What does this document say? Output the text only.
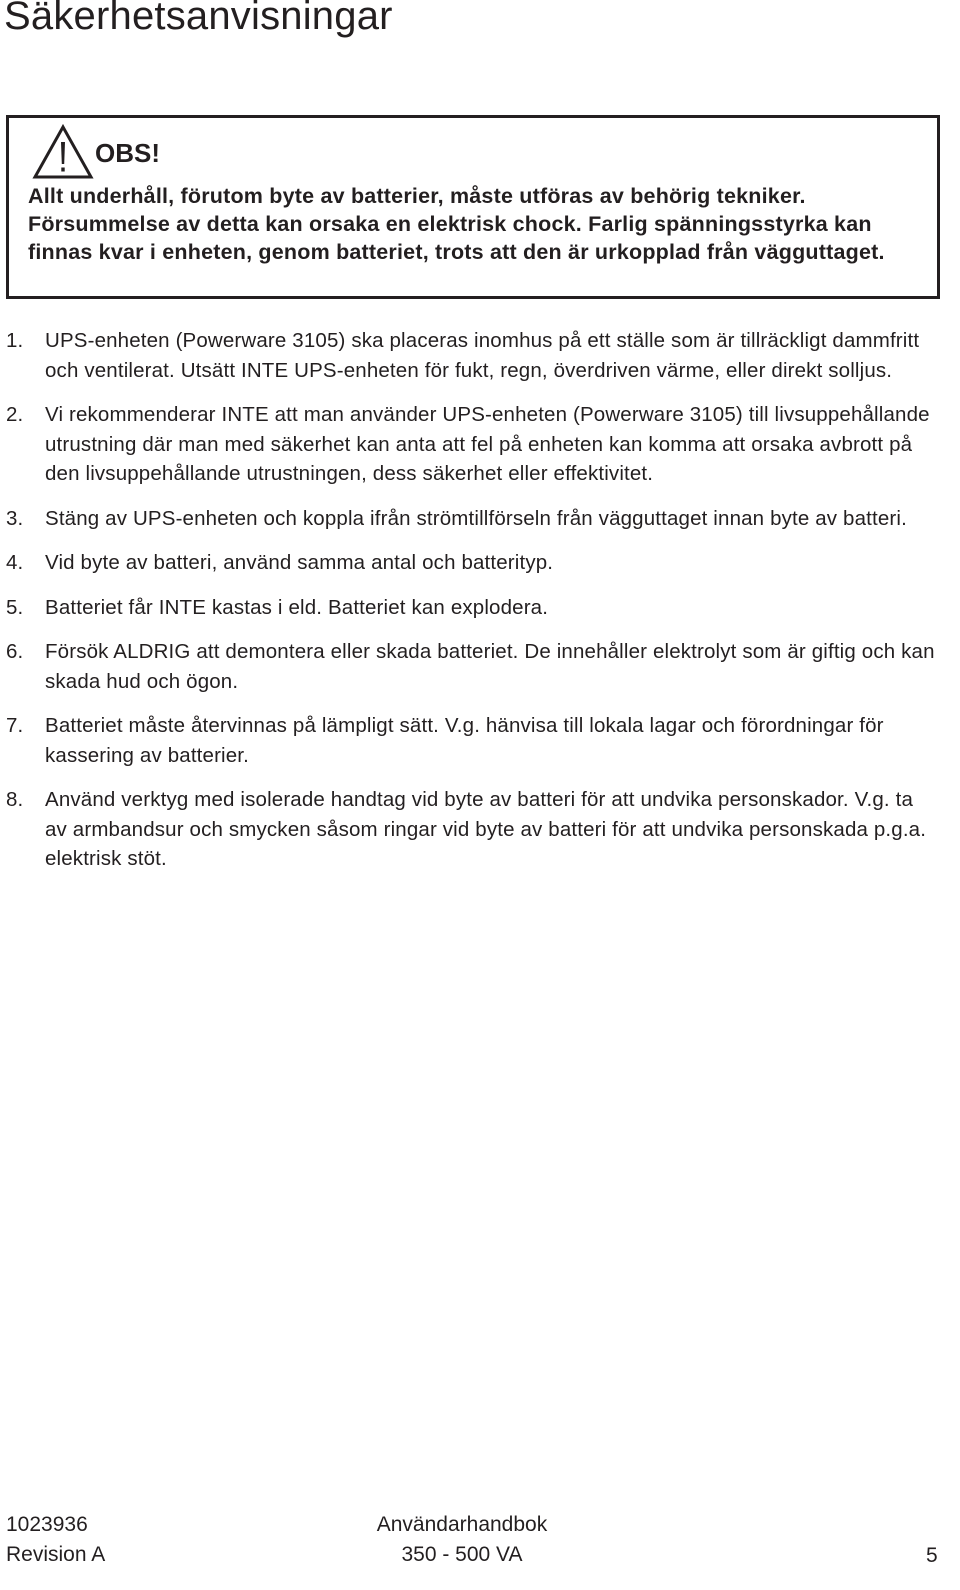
Säkerhetsanvisningar
OBS!

Allt underhåll, förutom byte av batterier, måste utföras av behörig tekniker. Försummelse av detta kan orsaka en elektrisk chock. Farlig spänningsstyrka kan finnas kvar i enheten, genom batteriet, trots att den är urkopplad från vägguttaget.

1. UPS-enheten (Powerware 3105) ska placeras inomhus på ett ställe som är tillräckligt dammfritt och ventilerat. Utsätt INTE UPS-enheten för fukt, regn, överdriven värme, eller direkt solljus.
2. Vi rekommenderar INTE att man använder UPS-enheten (Powerware 3105) till livsuppehållande utrustning där man med säkerhet kan anta att fel på enheten kan komma att orsaka avbrott på den livsuppehållande utrustningen, dess säkerhet eller effektivitet.
3. Stäng av UPS-enheten och koppla ifrån strömtillförseln från vägguttaget innan byte av batteri.
4. Vid byte av batteri, använd samma antal och batterityp.
5. Batteriet får INTE kastas i eld. Batteriet kan explodera.
6. Försök ALDRIG att demontera eller skada batteriet. De innehåller elektrolyt som är giftig och kan skada hud och ögon.
7. Batteriet måste återvinnas på lämpligt sätt. V.g. hänvisa till lokala lagar och förordningar för kassering av batterier.
8. Använd verktyg med isolerade handtag vid byte av batteri för att undvika personskador. V.g. ta av armbandsur och smycken såsom ringar vid byte av batteri för att undvika personskada p.g.a. elektrisk stöt.
1023936
Revision A
Användarhandbok
350 - 500 VA	5
